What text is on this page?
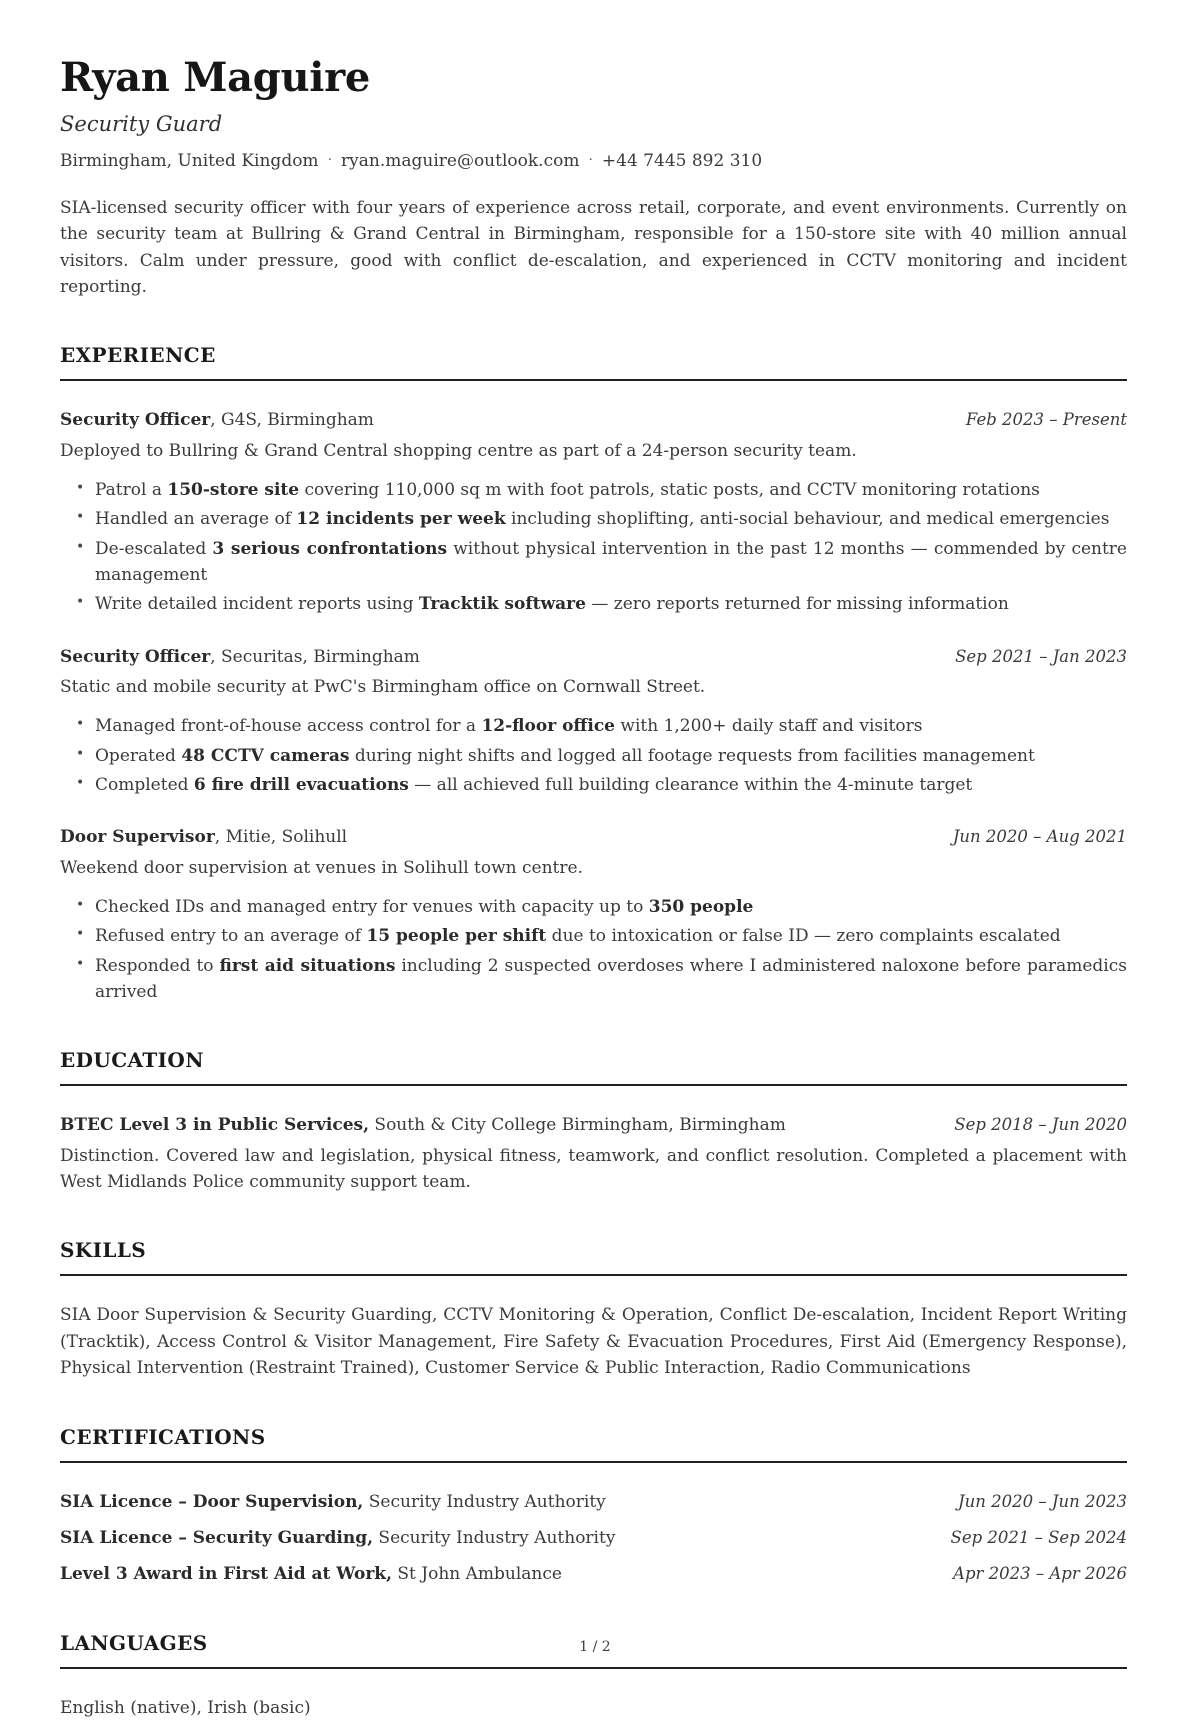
Ryan Maguire
Security Guard
Birmingham, United Kingdom · ryan.maguire@outlook.com · +44 7445 892 310

SIA-licensed security officer with four years of experience across retail, corporate, and event environments. Currently on the security team at Bullring & Grand Central in Birmingham, responsible for a 150-store site with 40 million annual visitors. Calm under pressure, good with conflict de-escalation, and experienced in CCTV monitoring and incident reporting.

EXPERIENCE
Security Officer, G4S, Birmingham	Feb 2023 – Present

Deployed to Bullring & Grand Central shopping centre as part of a 24-person security team.

• Patrol a 150-store site covering 110,000 sq m with foot patrols, static posts, and CCTV monitoring rotations
• Handled an average of 12 incidents per week including shoplifting, anti-social behaviour, and medical emergencies
• De-escalated 3 serious confrontations without physical intervention in the past 12 months — commended by centre management
• Write detailed incident reports using Tracktik software — zero reports returned for missing information
Security Officer, Securitas, Birmingham	Sep 2021 – Jan 2023

Static and mobile security at PwC's Birmingham office on Cornwall Street.

• Managed front-of-house access control for a 12-floor office with 1,200+ daily staff and visitors
• Operated 48 CCTV cameras during night shifts and logged all footage requests from facilities management
• Completed 6 fire drill evacuations — all achieved full building clearance within the 4-minute target
Door Supervisor, Mitie, Solihull	Jun 2020 – Aug 2021

Weekend door supervision at venues in Solihull town centre.

• Checked IDs and managed entry for venues with capacity up to 350 people
• Refused entry to an average of 15 people per shift due to intoxication or false ID — zero complaints escalated
• Responded to first aid situations including 2 suspected overdoses where I administered naloxone before paramedics arrived
EDUCATION
BTEC Level 3 in Public Services, South & City College Birmingham, Birmingham	Sep 2018 – Jun 2020

Distinction. Covered law and legislation, physical fitness, teamwork, and conflict resolution. Completed a placement with West Midlands Police community support team.

SKILLS

SIA Door Supervision & Security Guarding, CCTV Monitoring & Operation, Conflict De-escalation, Incident Report Writing (Tracktik), Access Control & Visitor Management, Fire Safety & Evacuation Procedures, First Aid (Emergency Response), Physical Intervention (Restraint Trained), Customer Service & Public Interaction, Radio Communications

CERTIFICATIONS
SIA Licence – Door Supervision, Security Industry Authority	Jun 2020 – Jun 2023
SIA Licence – Security Guarding, Security Industry Authority	Sep 2021 – Sep 2024
Level 3 Award in First Aid at Work, St John Ambulance	Apr 2023 – Apr 2026
LANGUAGES

English (native), Irish (basic)

1 / 2
